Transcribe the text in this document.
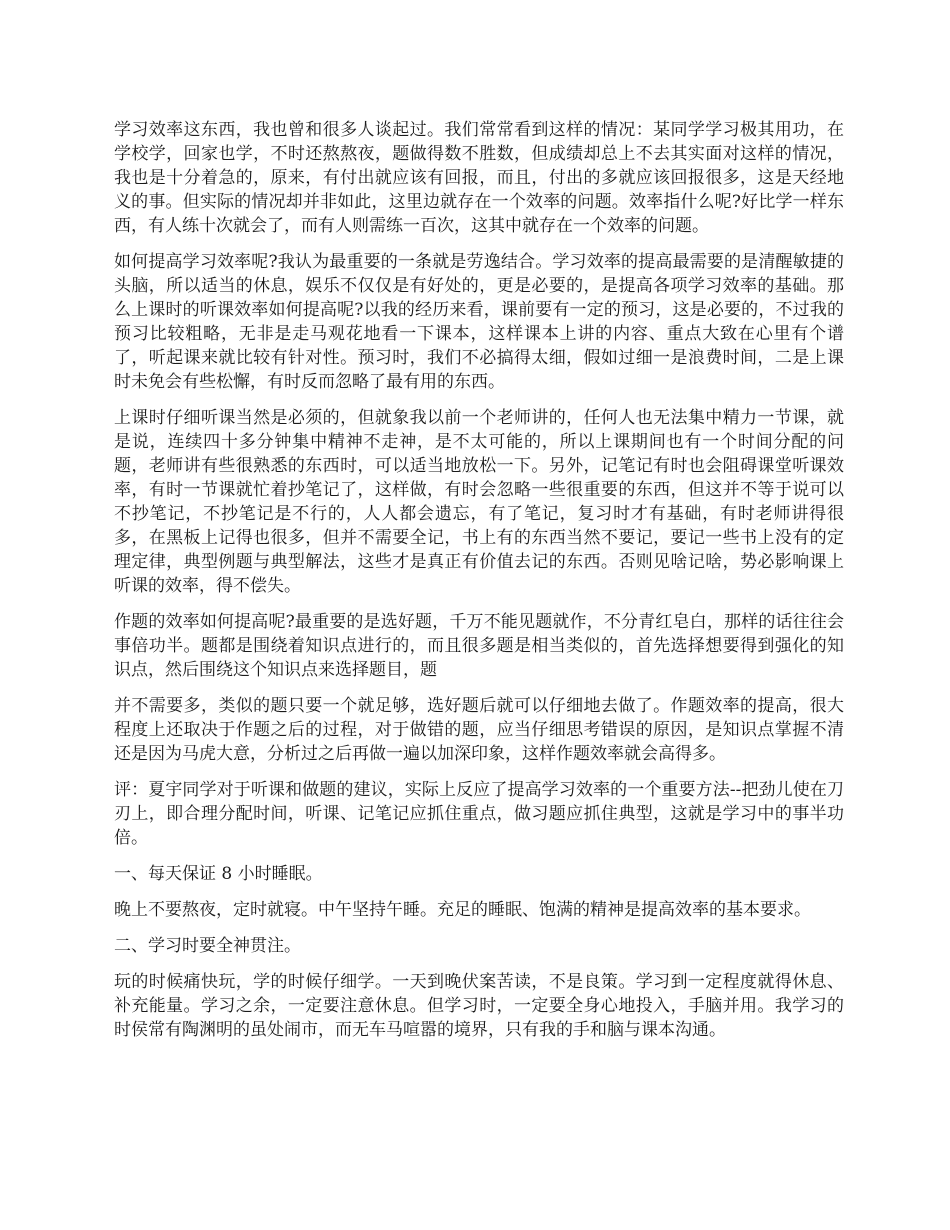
学习效率这东西，我也曾和很多人谈起过。我们常常看到这样的情况：某同学学习极其用功，在学校学，回家也学，不时还熬熬夜，题做得数不胜数，但成绩却总上不去其实面对这样的情况，我也是十分着急的，原来，有付出就应该有回报，而且，付出的多就应该回报很多，这是天经地义的事。但实际的情况却并非如此，这里边就存在一个效率的问题。效率指什么呢?好比学一样东西，有人练十次就会了，而有人则需练一百次，这其中就存在一个效率的问题。

如何提高学习效率呢?我认为最重要的一条就是劳逸结合。学习效率的提高最需要的是清醒敏捷的头脑，所以适当的休息，娱乐不仅仅是有好处的，更是必要的，是提高各项学习效率的基础。那么上课时的听课效率如何提高呢?以我的经历来看，课前要有一定的预习，这是必要的，不过我的预习比较粗略，无非是走马观花地看一下课本，这样课本上讲的内容、重点大致在心里有个谱了，听起课来就比较有针对性。预习时，我们不必搞得太细，假如过细一是浪费时间，二是上课时未免会有些松懈，有时反而忽略了最有用的东西。

上课时仔细听课当然是必须的，但就象我以前一个老师讲的，任何人也无法集中精力一节课，就是说，连续四十多分钟集中精神不走神，是不太可能的，所以上课期间也有一个时间分配的问题，老师讲有些很熟悉的东西时，可以适当地放松一下。另外，记笔记有时也会阻碍课堂听课效率，有时一节课就忙着抄笔记了，这样做，有时会忽略一些很重要的东西，但这并不等于说可以不抄笔记，不抄笔记是不行的，人人都会遗忘，有了笔记，复习时才有基础，有时老师讲得很多，在黑板上记得也很多，但并不需要全记，书上有的东西当然不要记，要记一些书上没有的定理定律，典型例题与典型解法，这些才是真正有价值去记的东西。否则见啥记啥，势必影响课上听课的效率，得不偿失。

作题的效率如何提高呢?最重要的是选好题，千万不能见题就作，不分青红皂白，那样的话往往会事倍功半。题都是围绕着知识点进行的，而且很多题是相当类似的，首先选择想要得到强化的知识点，然后围绕这个知识点来选择题目，题

并不需要多，类似的题只要一个就足够，选好题后就可以仔细地去做了。作题效率的提高，很大程度上还取决于作题之后的过程，对于做错的题，应当仔细思考错误的原因，是知识点掌握不清还是因为马虎大意，分析过之后再做一遍以加深印象，这样作题效率就会高得多。

评：夏宇同学对于听课和做题的建议，实际上反应了提高学习效率的一个重要方法--把劲儿使在刀刃上，即合理分配时间，听课、记笔记应抓住重点，做习题应抓住典型，这就是学习中的事半功倍。

一、每天保证 8 小时睡眠。

晚上不要熬夜，定时就寝。中午坚持午睡。充足的睡眠、饱满的精神是提高效率的基本要求。

二、学习时要全神贯注。

玩的时候痛快玩，学的时候仔细学。一天到晚伏案苦读，不是良策。学习到一定程度就得休息、补充能量。学习之余，一定要注意休息。但学习时，一定要全身心地投入，手脑并用。我学习的时侯常有陶渊明的虽处闹市，而无车马喧嚣的境界，只有我的手和脑与课本沟通。
